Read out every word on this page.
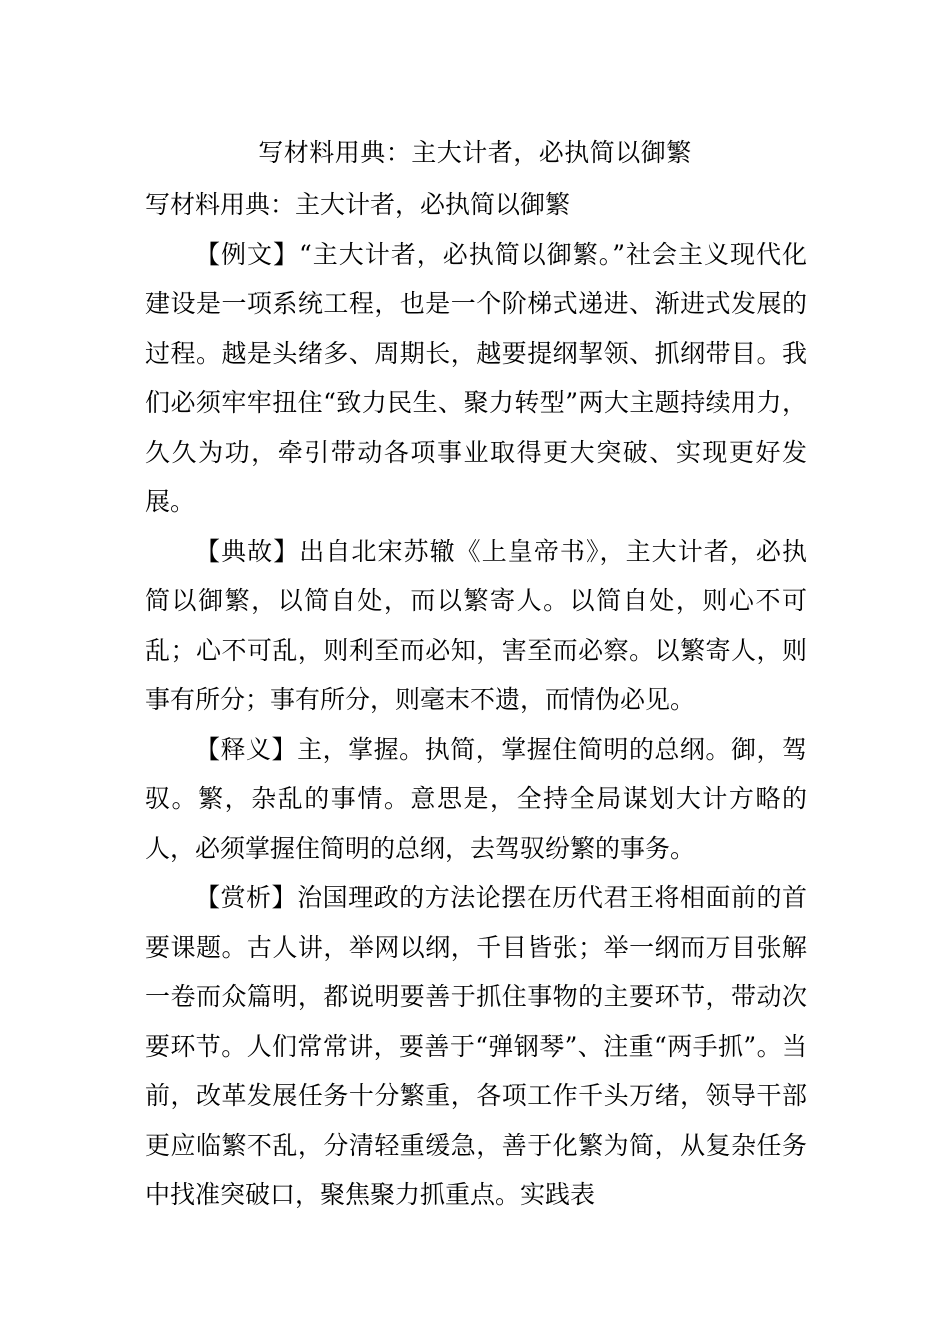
写材料用典：主大计者，必执简以御繁

写材料用典：主大计者，必执简以御繁

【例文】“主大计者，必执简以御繁。”社会主义现代化建设是一项系统工程，也是一个阶梯式递进、渐进式发展的过程。越是头绪多、周期长，越要提纲挈领、抓纲带目。我们必须牢牢扭住“致力民生、聚力转型”两大主题持续用力，久久为功，牵引带动各项事业取得更大突破、实现更好发展。

【典故】出自北宋苏辙《上皇帝书》，主大计者，必执简以御繁，以简自处，而以繁寄人。以简自处，则心不可乱；心不可乱，则利至而必知，害至而必察。以繁寄人，则事有所分；事有所分，则毫末不遗，而情伪必见。

【释义】主，掌握。执简，掌握住简明的总纲。御，驾驭。繁，杂乱的事情。意思是，全持全局谋划大计方略的人，必须掌握住简明的总纲，去驾驭纷繁的事务。

【赏析】治国理政的方法论摆在历代君王将相面前的首要课题。古人讲，举网以纲，千目皆张；举一纲而万目张解一卷而众篇明，都说明要善于抓住事物的主要环节，带动次要环节。人们常常讲，要善于“弹钢琴”、注重“两手抓”。当前，改革发展任务十分繁重，各项工作千头万绪，领导干部更应临繁不乱，分清轻重缓急，善于化繁为简，从复杂任务中找准突破口，聚焦聚力抓重点。实践表
